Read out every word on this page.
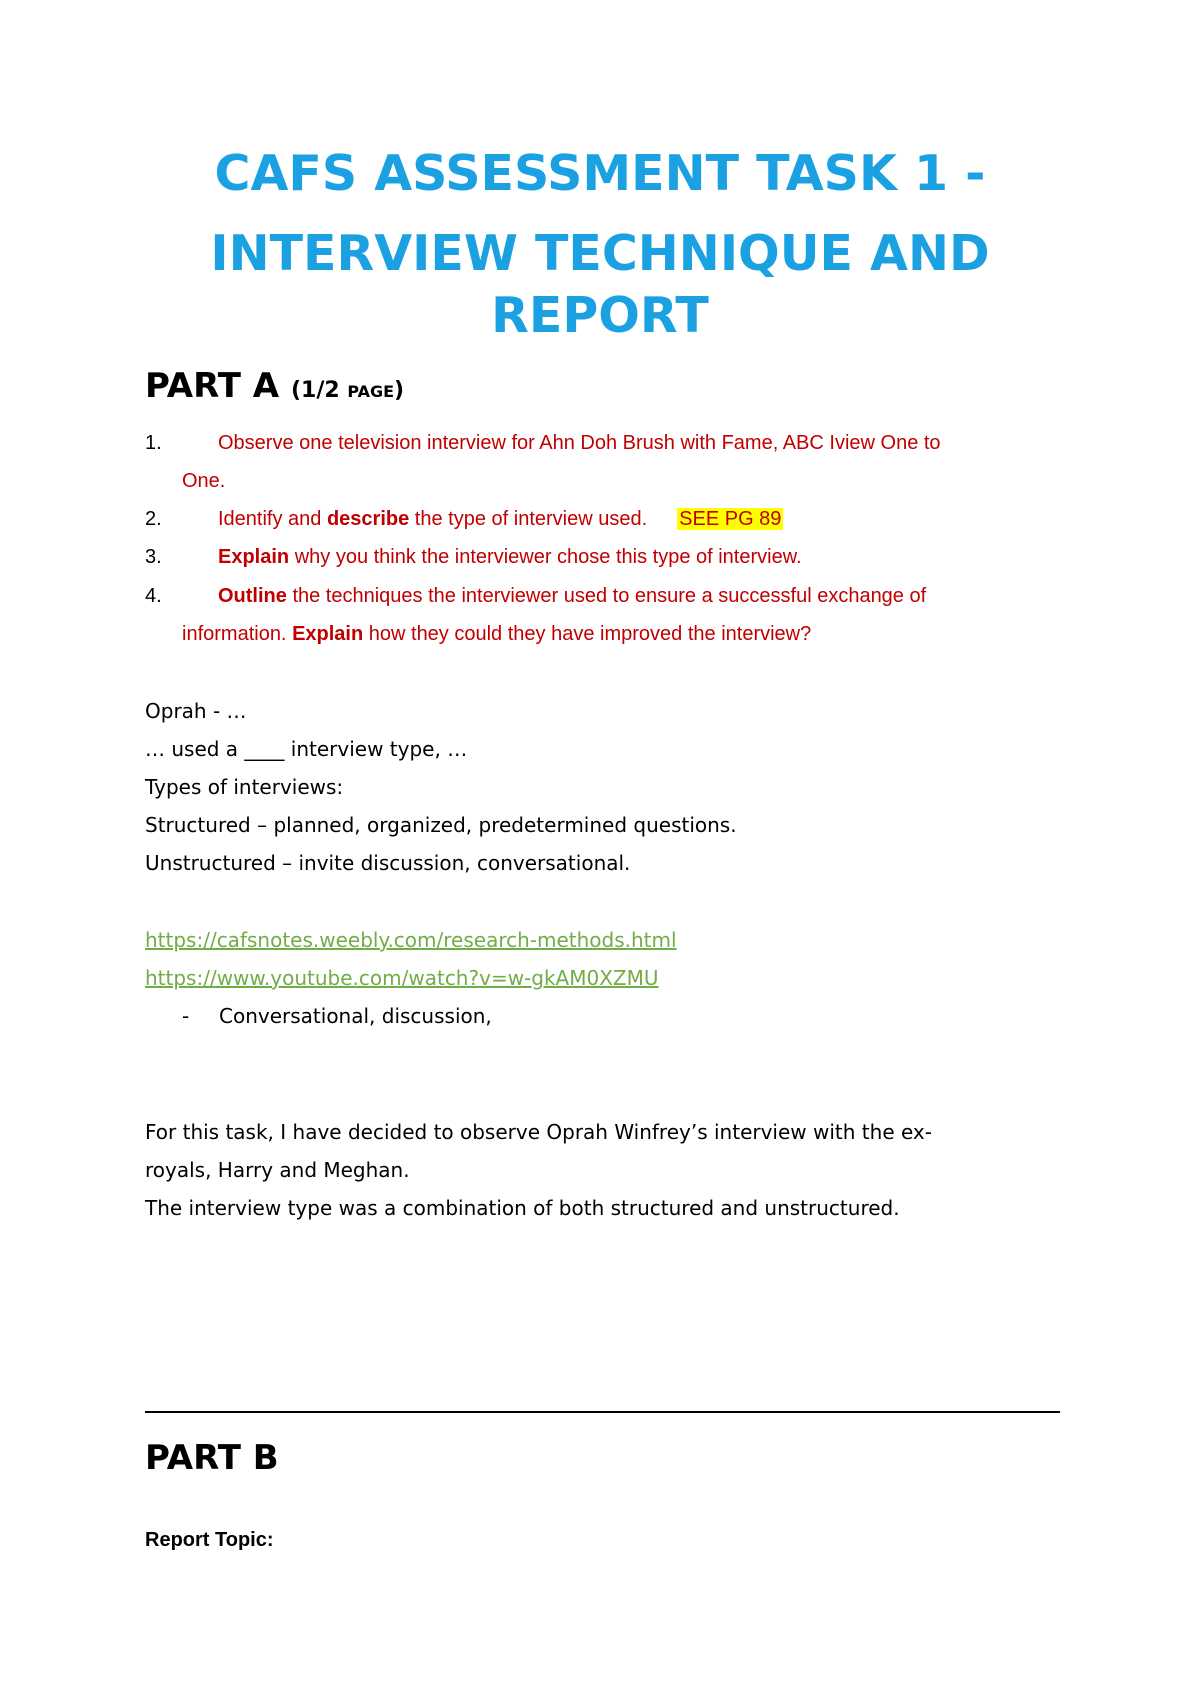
CAFS ASSESSMENT TASK 1 -
INTERVIEW TECHNIQUE AND
REPORT
PART A (1/2 PAGE)
1.	Observe one television interview for Ahn Doh Brush with Fame, ABC Iview One to
One.
2.	Identify and describe the type of interview used. SEE PG 89
3.	Explain why you think the interviewer chose this type of interview.
4.	Outline the techniques the interviewer used to ensure a successful exchange of
information. Explain how they could they have improved the interview?
Oprah - …
… used a ____ interview type, …
Types of interviews:
Structured – planned, organized, predetermined questions.
Unstructured – invite discussion, conversational.
https://cafsnotes.weebly.com/research-methods.html
https://www.youtube.com/watch?v=w-gkAM0XZMU
- Conversational, discussion,
For this task, I have decided to observe Oprah Winfrey’s interview with the ex-
royals, Harry and Meghan.
The interview type was a combination of both structured and unstructured.
PART B
Report Topic:
